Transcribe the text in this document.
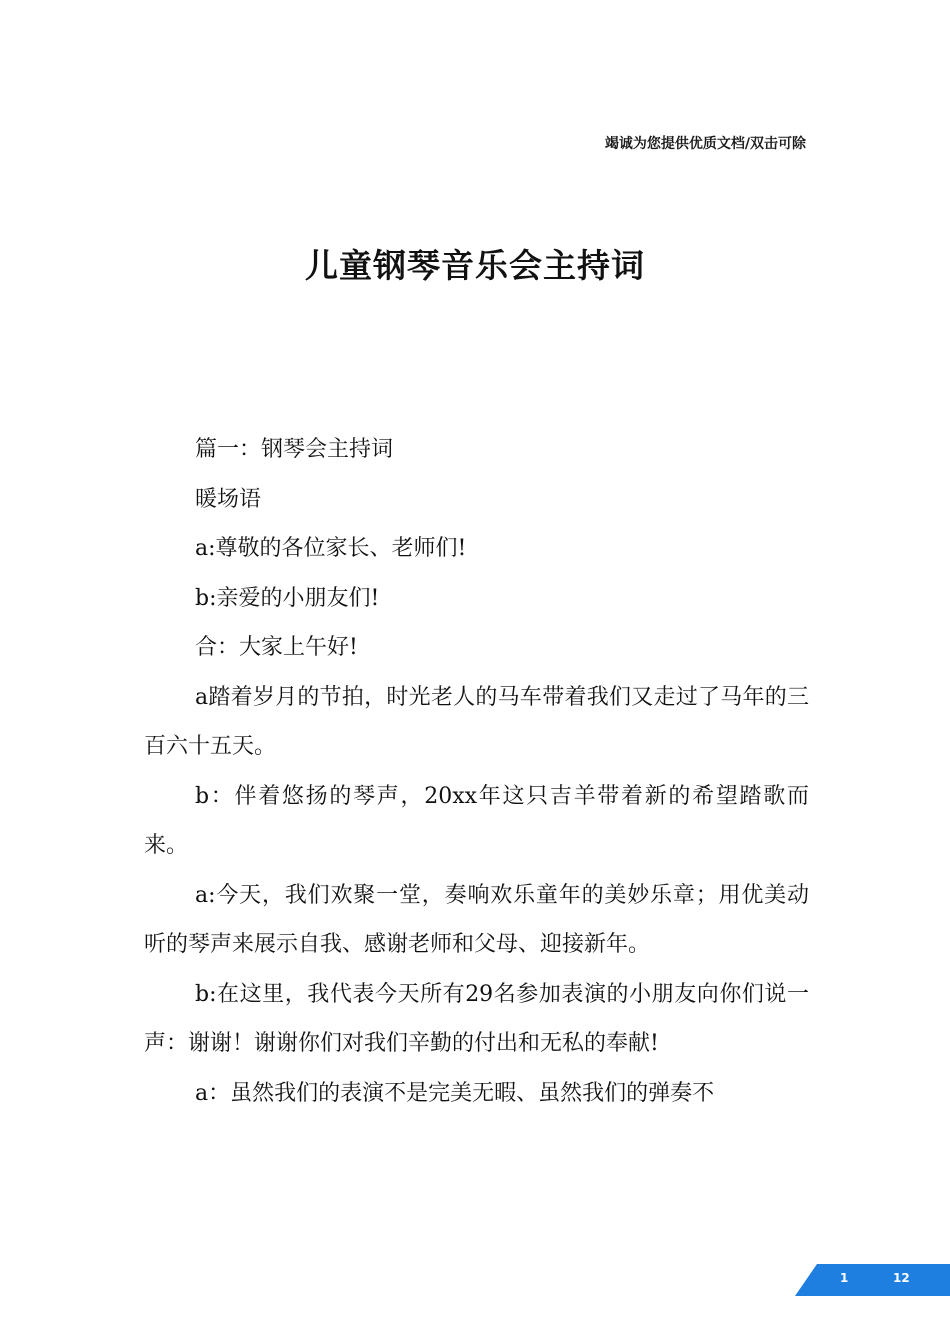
竭诚为您提供优质文档/双击可除
儿童钢琴音乐会主持词

篇一：钢琴会主持词

暖场语

a:尊敬的各位家长、老师们!

b:亲爱的小朋友们!

合：大家上午好!

a踏着岁月的节拍，时光老人的马车带着我们又走过了马年的三百六十五天。

b：伴着悠扬的琴声，20xx年这只吉羊带着新的希望踏歌而来。

a:今天，我们欢聚一堂，奏响欢乐童年的美妙乐章；用优美动听的琴声来展示自我、感谢老师和父母、迎接新年。

b:在这里，我代表今天所有29名参加表演的小朋友向你们说一声：谢谢！谢谢你们对我们辛勤的付出和无私的奉献!

a：虽然我们的表演不是完美无暇、虽然我们的弹奏不

1	12
